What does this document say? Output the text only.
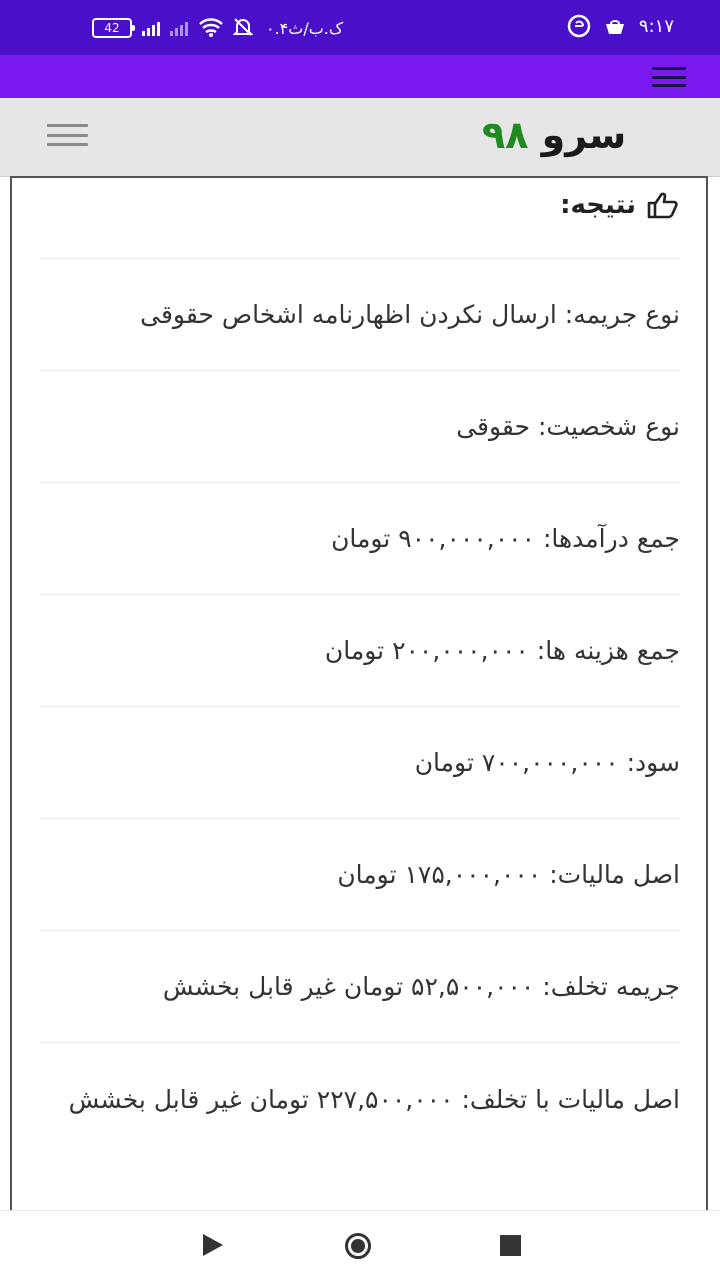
۹:۱۷
42	۰.۴ک.ب/ث
سرو ۹۸
نتیجه:
نوع جریمه: ارسال نکردن اظهارنامه اشخاص حقوقی
نوع شخصیت: حقوقی
جمع درآمدها: ۹۰۰,۰۰۰,۰۰۰ تومان
جمع هزینه ها: ۲۰۰,۰۰۰,۰۰۰ تومان
سود: ۷۰۰,۰۰۰,۰۰۰ تومان
اصل مالیات: ۱۷۵,۰۰۰,۰۰۰ تومان
جریمه تخلف: ۵۲,۵۰۰,۰۰۰ تومان غیر قابل بخشش
اصل مالیات با تخلف: ۲۲۷,۵۰۰,۰۰۰ تومان غیر قابل بخشش
